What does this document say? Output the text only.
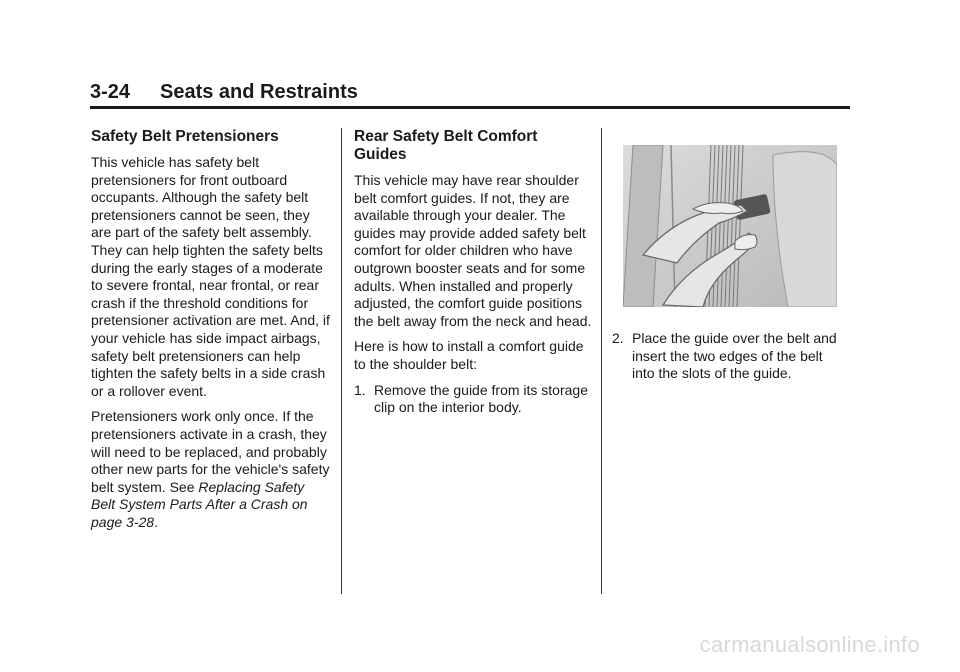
3-24 Seats and Restraints
Safety Belt Pretensioners

This vehicle has safety belt pretensioners for front outboard occupants. Although the safety belt pretensioners cannot be seen, they are part of the safety belt assembly. They can help tighten the safety belts during the early stages of a moderate to severe frontal, near frontal, or rear crash if the threshold conditions for pretensioner activation are met. And, if your vehicle has side impact airbags, safety belt pretensioners can help tighten the safety belts in a side crash or a rollover event.

Pretensioners work only once. If the pretensioners activate in a crash, they will need to be replaced, and probably other new parts for the vehicle's safety belt system. See Replacing Safety Belt System Parts After a Crash on page 3-28.

Rear Safety Belt Comfort Guides

This vehicle may have rear shoulder belt comfort guides. If not, they are available through your dealer. The guides may provide added safety belt comfort for older children who have outgrown booster seats and for some adults. When installed and properly adjusted, the comfort guide positions the belt away from the neck and head.

Here is how to install a comfort guide to the shoulder belt:

1. Remove the guide from its storage clip on the interior body.
2. Place the guide over the belt and insert the two edges of the belt into the slots of the guide.
carmanualsonline.info
